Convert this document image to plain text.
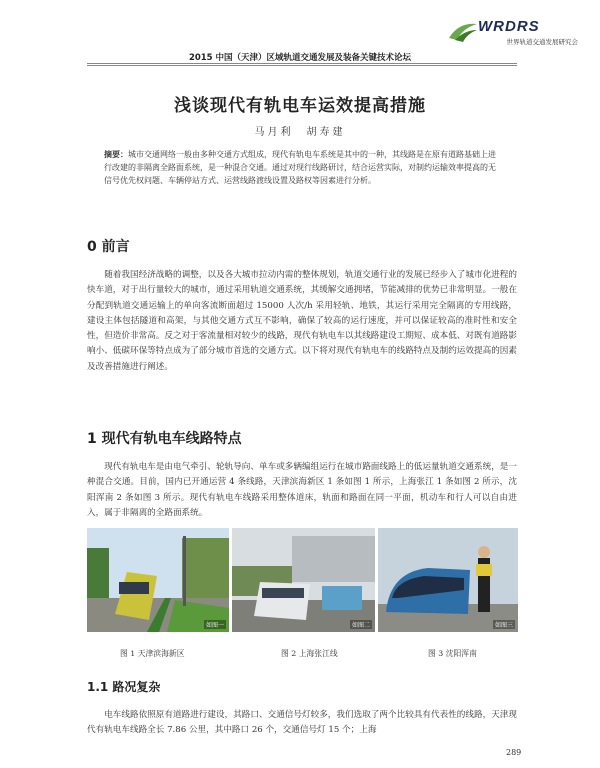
WRDRS
世界轨道交通发展研究会
2015 中国（天津）区域轨道交通发展及装备关键技术论坛
浅谈现代有轨电车运效提高措施
马月利　胡寿建
摘要：城市交通网络一般由多种交通方式组成，现代有轨电车系统是其中的一种，其线路是在原有道路基础上进行改建的非隔离全路面系统，是一种混合交通。通过对现行线路研讨，结合运营实际，对制约运输效率提高的无信号优先权问题、车辆停站方式、运营线路渡线设置及路权等因素进行分析。
0 前言
随着我国经济战略的调整，以及各大城市拉动内需的整体规划，轨道交通行业的发展已经步入了城市化进程的快车道，对于出行量较大的城市，通过采用轨道交通系统，其缓解交通拥堵，节能减排的优势已非常明显。一般在分配到轨道交通运输上的单向客流断面超过 15000 人次/h 采用轻轨、地铁，其运行采用完全隔离的专用线路，建设主体包括隧道和高架，与其他交通方式互不影响，确保了较高的运行速度，并可以保证较高的准时性和安全性，但造价非常高。反之对于客流量相对较少的线路，现代有轨电车以其线路建设工期短、成本低、对既有道路影响小、低碳环保等特点成为了部分城市首选的交通方式。以下将对现代有轨电车的线路特点及制约运效提高的因素及改善措施进行阐述。
1 现代有轨电车线路特点
现代有轨电车是由电气牵引、轮轨导向、单车或多辆编组运行在城市路面线路上的低运量轨道交通系统，是一种混合交通。目前，国内已开通运营 4 条线路，天津滨海新区 1 条如图 1 所示，上海张江 1 条如图 2 所示，沈阳浑南 2 条如图 3 所示。现代有轨电车线路采用整体道床，轨面和路面在同一平面，机动车和行人可以自由进入，属于非隔离的全路面系统。
如图一	如图二	如图三
图 1 天津滨海新区	图 2 上海张江线	图 3 沈阳浑南
1.1 路况复杂
电车线路依照原有道路进行建设，其路口、交通信号灯较多，我们选取了两个比较具有代表性的线路，天津现代有轨电车线路全长 7.86 公里，其中路口 26 个，交通信号灯 15 个；上海
289
